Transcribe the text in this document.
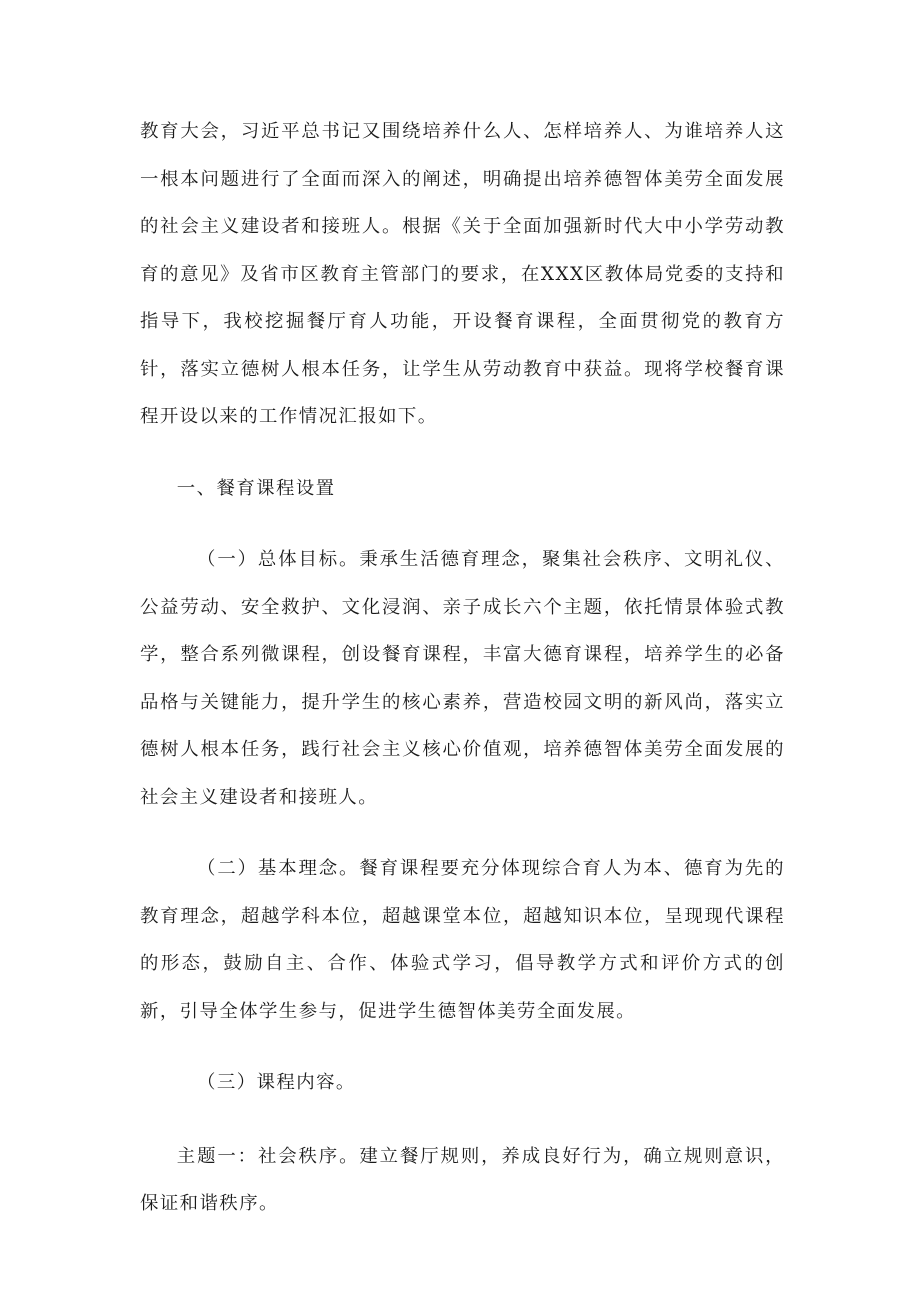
教育大会，习近平总书记又围绕培养什么人、怎样培养人、为谁培养人这一根本问题进行了全面而深入的阐述，明确提出培养德智体美劳全面发展的社会主义建设者和接班人。根据《关于全面加强新时代大中小学劳动教育的意见》及省市区教育主管部门的要求，在XXX区教体局党委的支持和指导下，我校挖掘餐厅育人功能，开设餐育课程，全面贯彻党的教育方针，落实立德树人根本任务，让学生从劳动教育中获益。现将学校餐育课程开设以来的工作情况汇报如下。

一、餐育课程设置

（一）总体目标。秉承生活德育理念，聚集社会秩序、文明礼仪、公益劳动、安全救护、文化浸润、亲子成长六个主题，依托情景体验式教学，整合系列微课程，创设餐育课程，丰富大德育课程，培养学生的必备品格与关键能力，提升学生的核心素养，营造校园文明的新风尚，落实立德树人根本任务，践行社会主义核心价值观，培养德智体美劳全面发展的社会主义建设者和接班人。

（二）基本理念。餐育课程要充分体现综合育人为本、德育为先的教育理念，超越学科本位，超越课堂本位，超越知识本位，呈现现代课程的形态，鼓励自主、合作、体验式学习，倡导教学方式和评价方式的创新，引导全体学生参与，促进学生德智体美劳全面发展。

（三）课程内容。

主题一：社会秩序。建立餐厅规则，养成良好行为，确立规则意识，保证和谐秩序。
